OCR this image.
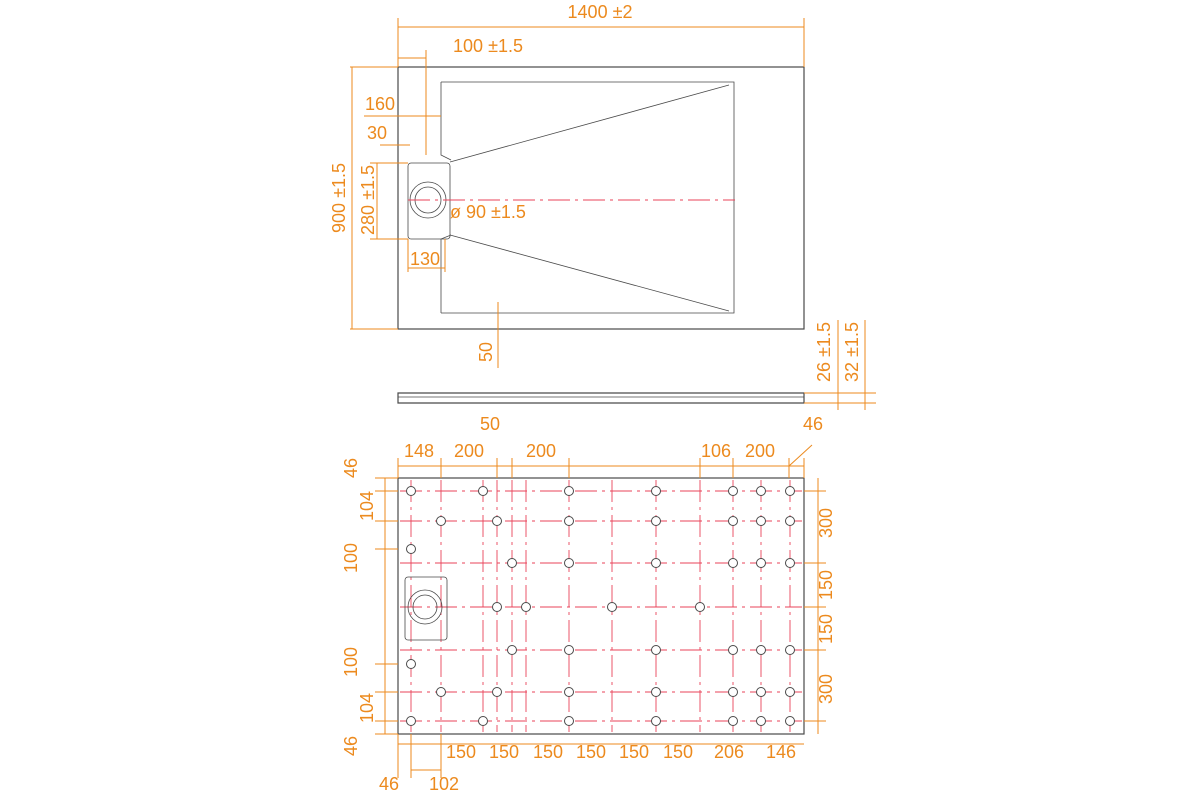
1400 ±2
100 ±1.5
160
30
900 ±1.5 280 ±1.5	ø 90 ±1.5
130
50	26 ±1.5 32 ±1.5
50
148 200 200	106 200
46
46
104
100
100
104
46
300
150
150
300
150 150 150 150 150 150 206 146
46 102
